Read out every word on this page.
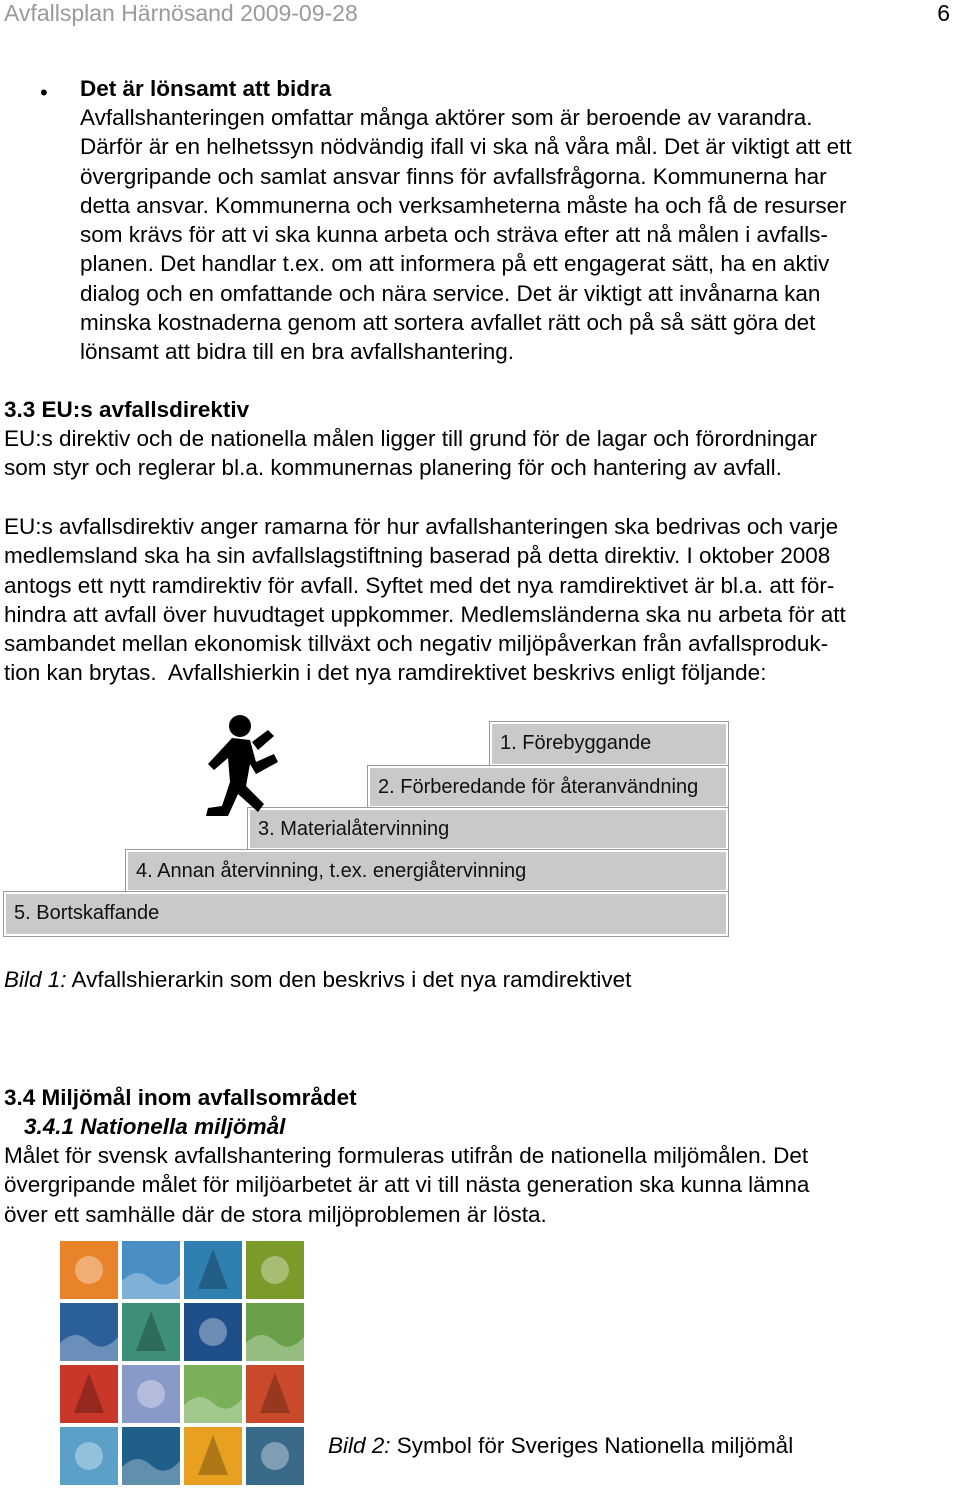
Avfallsplan Härnösand 2009-09-28	6
• Det är lönsamt att bidra
Avfallshanteringen omfattar många aktörer som är beroende av varandra.
Därför är en helhetssyn nödvändig ifall vi ska nå våra mål. Det är viktigt att ett
övergripande och samlat ansvar finns för avfallsfrågorna. Kommunerna har
detta ansvar. Kommunerna och verksamheterna måste ha och få de resurser
som krävs för att vi ska kunna arbeta och sträva efter att nå målen i avfalls-
planen. Det handlar t.ex. om att informera på ett engagerat sätt, ha en aktiv
dialog och en omfattande och nära service. Det är viktigt att invånarna kan
minska kostnaderna genom att sortera avfallet rätt och på så sätt göra det
lönsamt att bidra till en bra avfallshantering.
3.3 EU:s avfallsdirektiv
EU:s direktiv och de nationella målen ligger till grund för de lagar och förordningar
som styr och reglerar bl.a. kommunernas planering för och hantering av avfall.
EU:s avfallsdirektiv anger ramarna för hur avfallshanteringen ska bedrivas och varje
medlemsland ska ha sin avfallslagstiftning baserad på detta direktiv. I oktober 2008
antogs ett nytt ramdirektiv för avfall. Syftet med det nya ramdirektivet är bl.a. att för-
hindra att avfall över huvudtaget uppkommer. Medlemsländerna ska nu arbeta för att
sambandet mellan ekonomisk tillväxt och negativ miljöpåverkan från avfallsproduk-
tion kan brytas.  Avfallshierkin i det nya ramdirektivet beskrivs enligt följande:
1. Förebyggande
2. Förberedande för återanvändning
3. Materialåtervinning
4. Annan återvinning, t.ex. energiåtervinning
5. Bortskaffande
Bild 1: Avfallshierarkin som den beskrivs i det nya ramdirektivet
3.4 Miljömål inom avfallsområdet
3.4.1 Nationella miljömål
Målet för svensk avfallshantering formuleras utifrån de nationella miljömålen. Det
övergripande målet för miljöarbetet är att vi till nästa generation ska kunna lämna
över ett samhälle där de stora miljöproblemen är lösta.
Bild 2: Symbol för Sveriges Nationella miljömål
